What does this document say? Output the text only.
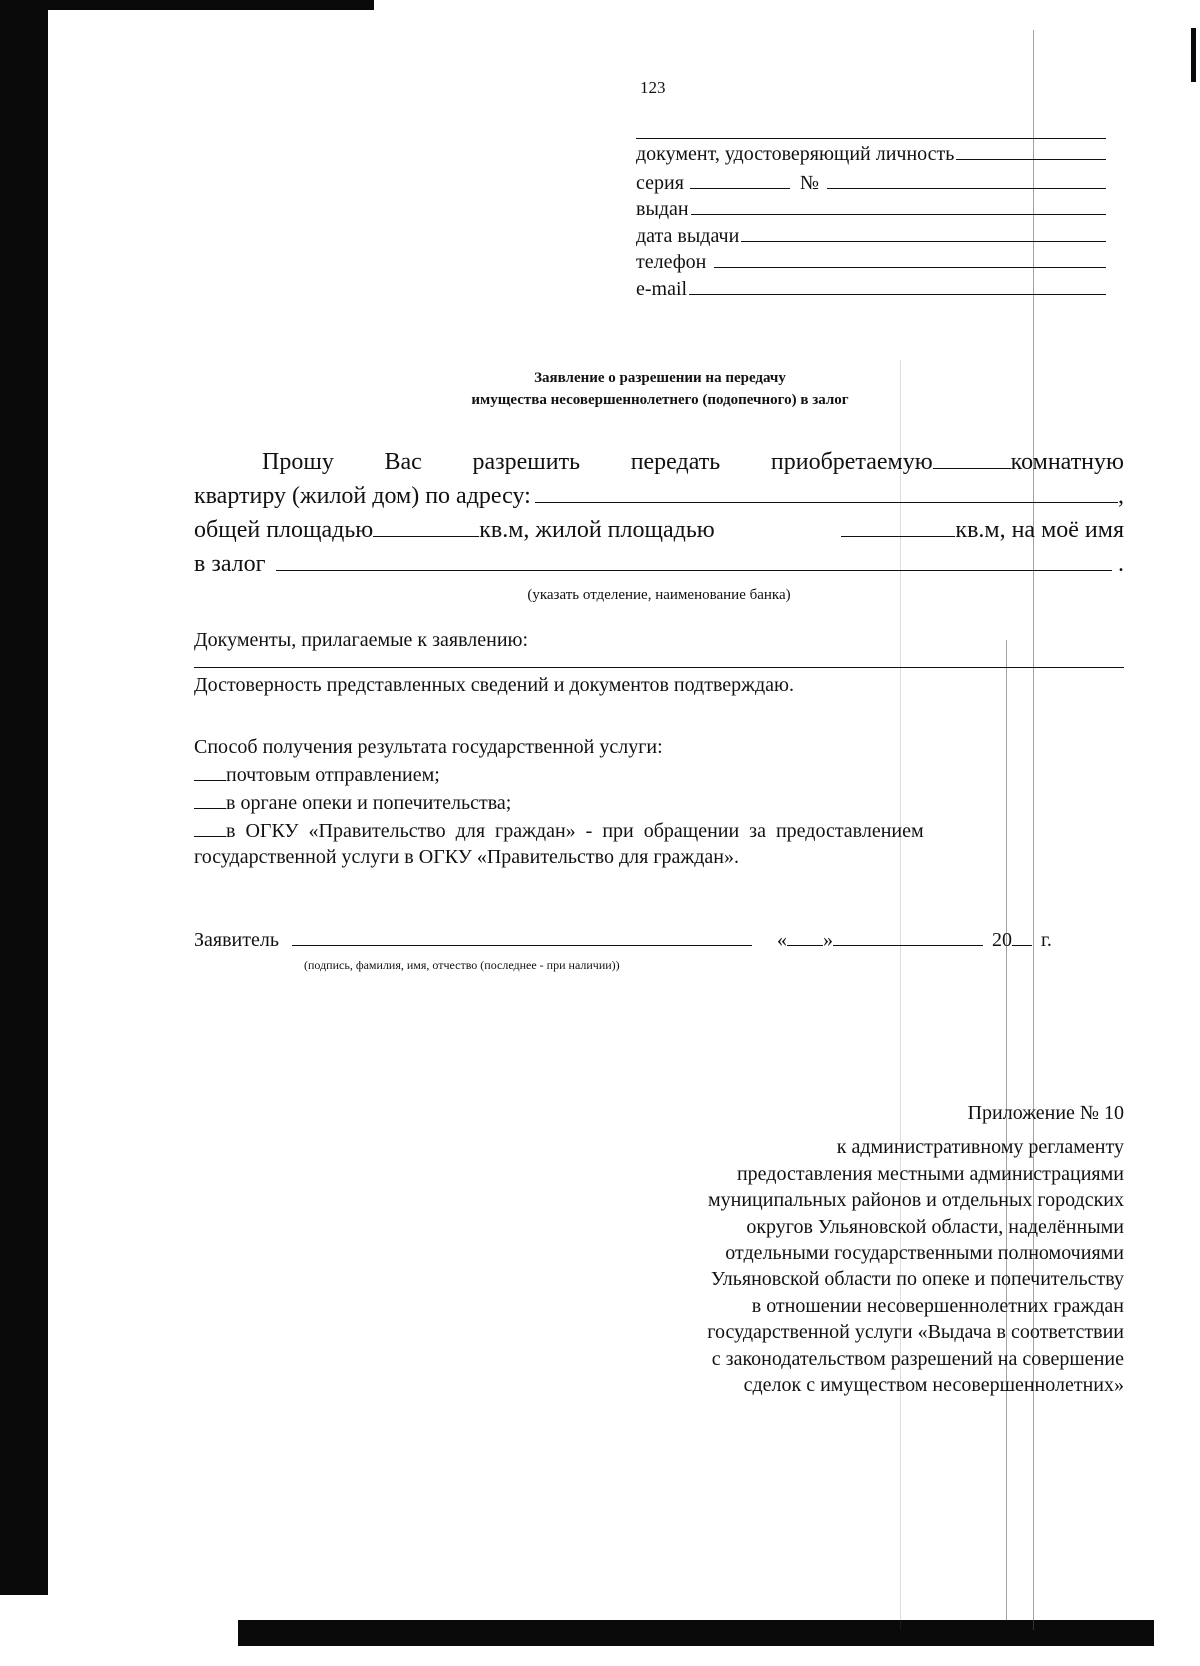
123
документ, удостоверяющий личность
серия	№
выдан
дата выдачи
телефон
e-mail
Заявление о разрешении на передачу
имущества несовершеннолетнего (подопечного) в залог
Прошу Вас разрешить передать приобретаемую	комнатную
квартиру (жилой дом) по адресу:	,
общей площадью	кв.м, жилой площадью	кв.м, на моё имя
в залог	.
(указать отделение, наименование банка)
Документы, прилагаемые к заявлению:
Достоверность представленных сведений и документов подтверждаю.
Способ получения результата государственной услуги:
почтовым отправлением;
в органе опеки и попечительства;
в  ОГКУ  «Правительство  для  граждан»  -  при  обращении  за  предоставлением
государственной услуги в ОГКУ «Правительство для граждан».
Заявитель	« »	20 г.
(подпись, фамилия, имя, отчество (последнее - при наличии))
Приложение № 10
к административному регламенту
предоставления местными администрациями
муниципальных районов и отдельных городских
округов Ульяновской области, наделёнными
отдельными государственными полномочиями
Ульяновской области по опеке и попечительству
в отношении несовершеннолетних граждан
государственной услуги «Выдача в соответствии
с законодательством разрешений на совершение
сделок с имуществом несовершеннолетних»
